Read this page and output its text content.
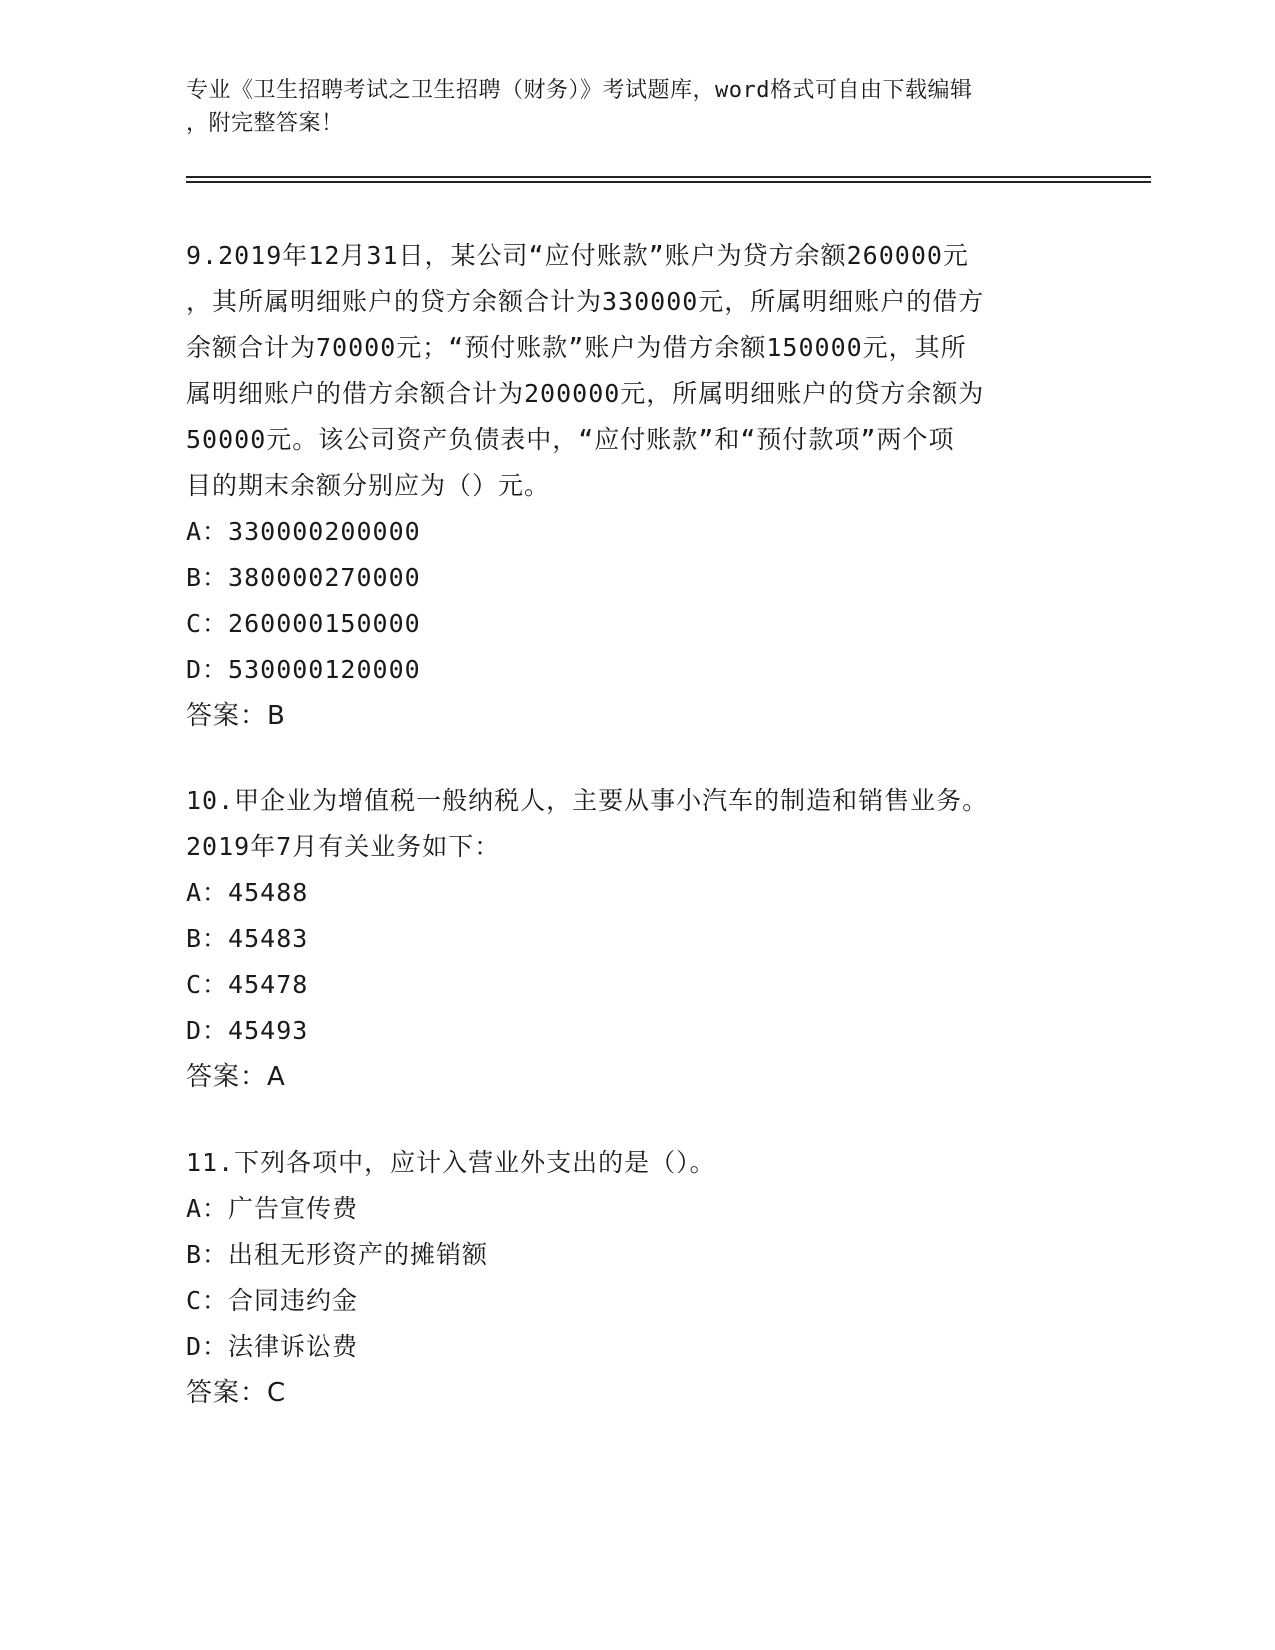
专业《卫生招聘考试之卫生招聘（财务）》考试题库，word格式可自由下载编辑
，附完整答案！
9.2019年12月31日，某公司“应付账款”账户为贷方余额260000元
，其所属明细账户的贷方余额合计为330000元，所属明细账户的借方
余额合计为70000元；“预付账款”账户为借方余额150000元，其所
属明细账户的借方余额合计为200000元，所属明细账户的贷方余额为
50000元。该公司资产负债表中，“应付账款”和“预付款项”两个项
目的期末余额分别应为（）元。
A：330000200000
B：380000270000
C：260000150000
D：530000120000
答案：B
10.甲企业为增值税一般纳税人，主要从事小汽车的制造和销售业务。
2019年7月有关业务如下：
A：45488
B：45483
C：45478
D：45493
答案：A
11.下列各项中，应计入营业外支出的是（）。
A：广告宣传费
B：出租无形资产的摊销额
C：合同违约金
D：法律诉讼费
答案：C
